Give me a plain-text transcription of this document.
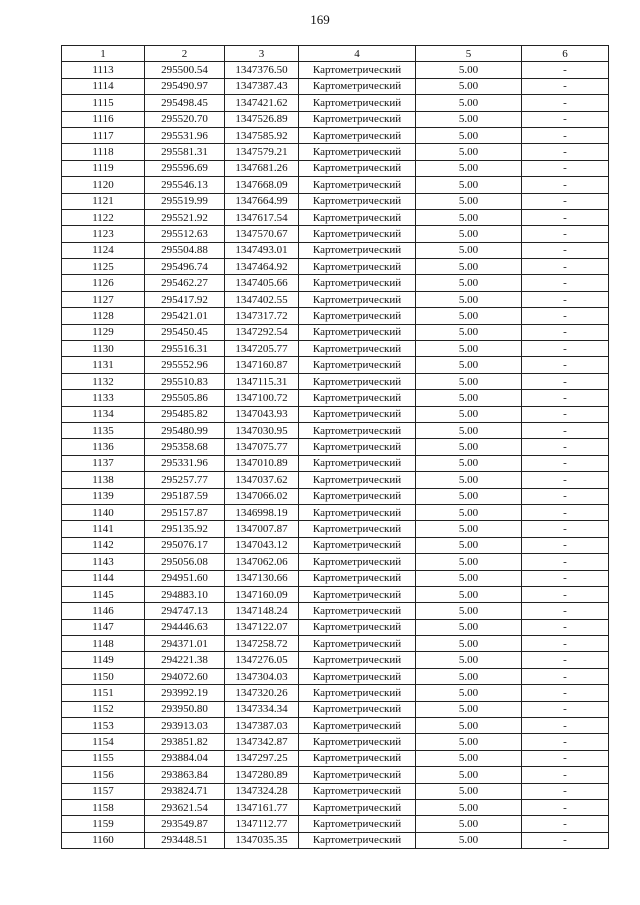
169
1	2	3	4	5	6
1113	295500.54	1347376.50	Картометрический	5.00	-
1114	295490.97	1347387.43	Картометрический	5.00	-
1115	295498.45	1347421.62	Картометрический	5.00	-
1116	295520.70	1347526.89	Картометрический	5.00	-
1117	295531.96	1347585.92	Картометрический	5.00	-
1118	295581.31	1347579.21	Картометрический	5.00	-
1119	295596.69	1347681.26	Картометрический	5.00	-
1120	295546.13	1347668.09	Картометрический	5.00	-
1121	295519.99	1347664.99	Картометрический	5.00	-
1122	295521.92	1347617.54	Картометрический	5.00	-
1123	295512.63	1347570.67	Картометрический	5.00	-
1124	295504.88	1347493.01	Картометрический	5.00	-
1125	295496.74	1347464.92	Картометрический	5.00	-
1126	295462.27	1347405.66	Картометрический	5.00	-
1127	295417.92	1347402.55	Картометрический	5.00	-
1128	295421.01	1347317.72	Картометрический	5.00	-
1129	295450.45	1347292.54	Картометрический	5.00	-
1130	295516.31	1347205.77	Картометрический	5.00	-
1131	295552.96	1347160.87	Картометрический	5.00	-
1132	295510.83	1347115.31	Картометрический	5.00	-
1133	295505.86	1347100.72	Картометрический	5.00	-
1134	295485.82	1347043.93	Картометрический	5.00	-
1135	295480.99	1347030.95	Картометрический	5.00	-
1136	295358.68	1347075.77	Картометрический	5.00	-
1137	295331.96	1347010.89	Картометрический	5.00	-
1138	295257.77	1347037.62	Картометрический	5.00	-
1139	295187.59	1347066.02	Картометрический	5.00	-
1140	295157.87	1346998.19	Картометрический	5.00	-
1141	295135.92	1347007.87	Картометрический	5.00	-
1142	295076.17	1347043.12	Картометрический	5.00	-
1143	295056.08	1347062.06	Картометрический	5.00	-
1144	294951.60	1347130.66	Картометрический	5.00	-
1145	294883.10	1347160.09	Картометрический	5.00	-
1146	294747.13	1347148.24	Картометрический	5.00	-
1147	294446.63	1347122.07	Картометрический	5.00	-
1148	294371.01	1347258.72	Картометрический	5.00	-
1149	294221.38	1347276.05	Картометрический	5.00	-
1150	294072.60	1347304.03	Картометрический	5.00	-
1151	293992.19	1347320.26	Картометрический	5.00	-
1152	293950.80	1347334.34	Картометрический	5.00	-
1153	293913.03	1347387.03	Картометрический	5.00	-
1154	293851.82	1347342.87	Картометрический	5.00	-
1155	293884.04	1347297.25	Картометрический	5.00	-
1156	293863.84	1347280.89	Картометрический	5.00	-
1157	293824.71	1347324.28	Картометрический	5.00	-
1158	293621.54	1347161.77	Картометрический	5.00	-
1159	293549.87	1347112.77	Картометрический	5.00	-
1160	293448.51	1347035.35	Картометрический	5.00	-
